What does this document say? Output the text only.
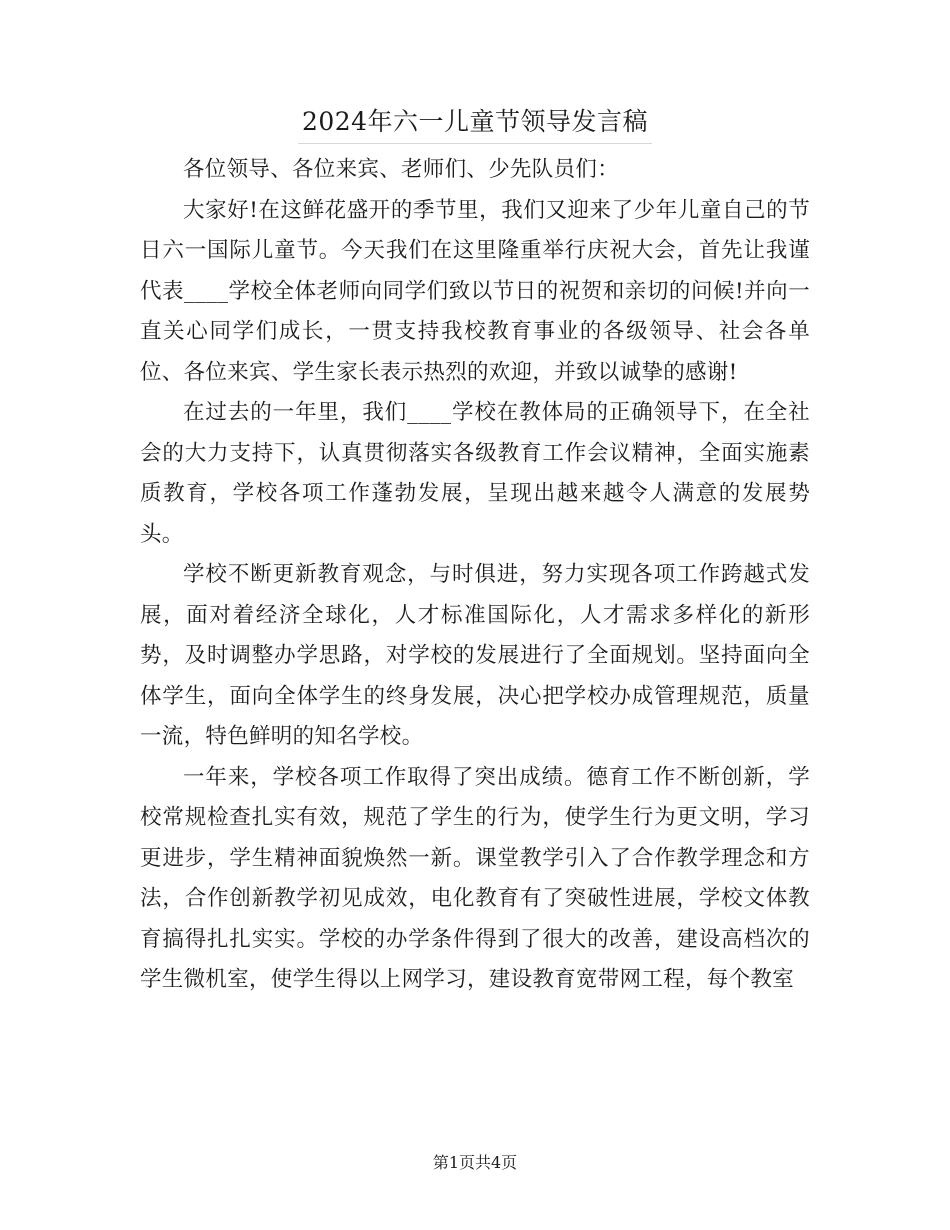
2024年六一儿童节领导发言稿

各位领导、各位来宾、老师们、少先队员们：

大家好!在这鲜花盛开的季节里，我们又迎来了少年儿童自己的节日六一国际儿童节。今天我们在这里隆重举行庆祝大会，首先让我谨代表____学校全体老师向同学们致以节日的祝贺和亲切的问候!并向一直关心同学们成长，一贯支持我校教育事业的各级领导、社会各单位、各位来宾、学生家长表示热烈的欢迎，并致以诚挚的感谢!

在过去的一年里，我们____学校在教体局的正确领导下，在全社会的大力支持下，认真贯彻落实各级教育工作会议精神，全面实施素质教育，学校各项工作蓬勃发展，呈现出越来越令人满意的发展势头。

学校不断更新教育观念，与时俱进，努力实现各项工作跨越式发展，面对着经济全球化，人才标准国际化，人才需求多样化的新形势，及时调整办学思路，对学校的发展进行了全面规划。坚持面向全体学生，面向全体学生的终身发展，决心把学校办成管理规范，质量一流，特色鲜明的知名学校。

一年来，学校各项工作取得了突出成绩。德育工作不断创新，学校常规检查扎实有效，规范了学生的行为，使学生行为更文明，学习更进步，学生精神面貌焕然一新。课堂教学引入了合作教学理念和方法，合作创新教学初见成效，电化教育有了突破性进展，学校文体教育搞得扎扎实实。学校的办学条件得到了很大的改善，建设高档次的学生微机室，使学生得以上网学习，建设教育宽带网工程，每个教室

第1页共4页
